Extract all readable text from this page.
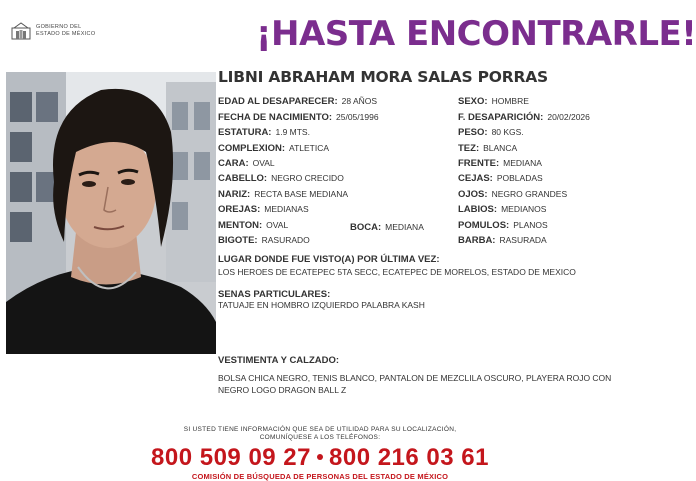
GOBIERNO DEL
ESTADO DE MÉXICO	¡HASTA ENCONTRARLE!
LIBNI ABRAHAM MORA SALAS PORRAS
EDAD AL DESAPARECER: 28 AÑOS
FECHA DE NACIMIENTO: 25/05/1996
ESTATURA: 1.9 MTS.
COMPLEXION: ATLETICA
CARA: OVAL
CABELLO: NEGRO CRECIDO
NARIZ: RECTA BASE MEDIANA
OREJAS: MEDIANAS
MENTON: OVAL	BOCA: MEDIANA
BIGOTE: RASURADO
SEXO: HOMBRE
F. DESAPARICIÓN: 20/02/2026
PESO: 80 KGS.
TEZ: BLANCA
FRENTE: MEDIANA
CEJAS: POBLADAS
OJOS: NEGRO GRANDES
LABIOS: MEDIANOS
POMULOS: PLANOS
BARBA: RASURADA
LUGAR DONDE FUE VISTO(A) POR ÚLTIMA VEZ:
LOS HEROES DE ECATEPEC 5TA SECC, ECATEPEC DE MORELOS, ESTADO DE MEXICO
SENAS PARTICULARES:
TATUAJE EN HOMBRO IZQUIERDO PALABRA KASH
VESTIMENTA Y CALZADO:
BOLSA CHICA NEGRO, TENIS BLANCO, PANTALON DE MEZCLILA OSCURO, PLAYERA ROJO CON NEGRO LOGO DRAGON BALL Z
SI USTED TIENE INFORMACIÓN QUE SEA DE UTILIDAD PARA SU LOCALIZACIÓN,
COMUNÍQUESE A LOS TELÉFONOS:
800 509 09 27 800 216 03 61
COMISIÓN DE BÚSQUEDA DE PERSONAS DEL ESTADO DE MÉXICO
